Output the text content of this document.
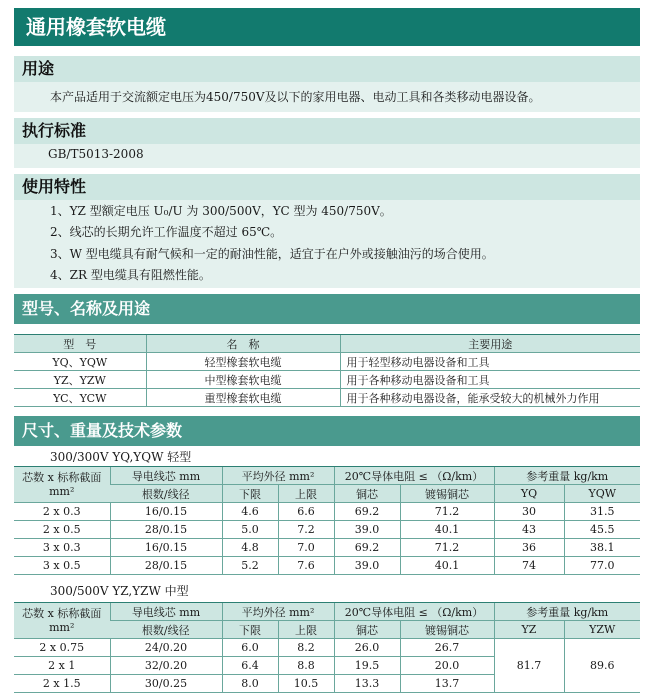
通用橡套软电缆
用途
本产品适用于交流额定电压为450/750V及以下的家用电器、电动工具和各类移动电器设备。
执行标准
GB/T5013-2008
使用特性
1、YZ 型额定电压 U₀/U 为 300/500V，YC 型为 450/750V。
2、线芯的长期允许工作温度不超过 65℃。
3、W 型电缆具有耐气候和一定的耐油性能，适宜于在户外或接触油污的场合使用。
4、ZR 型电缆具有阻燃性能。
型号、名称及用途
型　号	名　称	主要用途
YQ、YQW	轻型橡套软电缆	用于轻型移动电器设备和工具
YZ、YZW	中型橡套软电缆	用于各种移动电器设备和工具
YC、YCW	重型橡套软电缆	用于各种移动电器设备，能承受较大的机械外力作用
尺寸、重量及技术参数
300/300V YQ,YQW 轻型
芯数 x 标称截面
mm²	导电线芯 mm	平均外径 mm²		20℃导体电阻 ≤ （Ω/km）		参考重量 kg/km	
	根数/线径	下限	上限	铜芯	镀锡铜芯	YQ	YQW
2 x 0.3	16/0.15	4.6	6.6	69.2	71.2	30	31.5
2 x 0.5	28/0.15	5.0	7.2	39.0	40.1	43	45.5
3 x 0.3	16/0.15	4.8	7.0	69.2	71.2	36	38.1
3 x 0.5	28/0.15	5.2	7.6	39.0	40.1	74	77.0
300/500V YZ,YZW 中型
芯数 x 标称截面
mm²	导电线芯 mm	平均外径 mm²		20℃导体电阻 ≤ （Ω/km）		参考重量 kg/km	
	根数/线径	下限	上限	铜芯	镀锡铜芯	YZ	YZW
2 x 0.75	24/0.20	6.0	8.2	26.0	26.7	81.7	89.6
2 x 1	32/0.20	6.4	8.8	19.5	20.0		
2 x 1.5	30/0.25	8.0	10.5	13.3	13.7		
